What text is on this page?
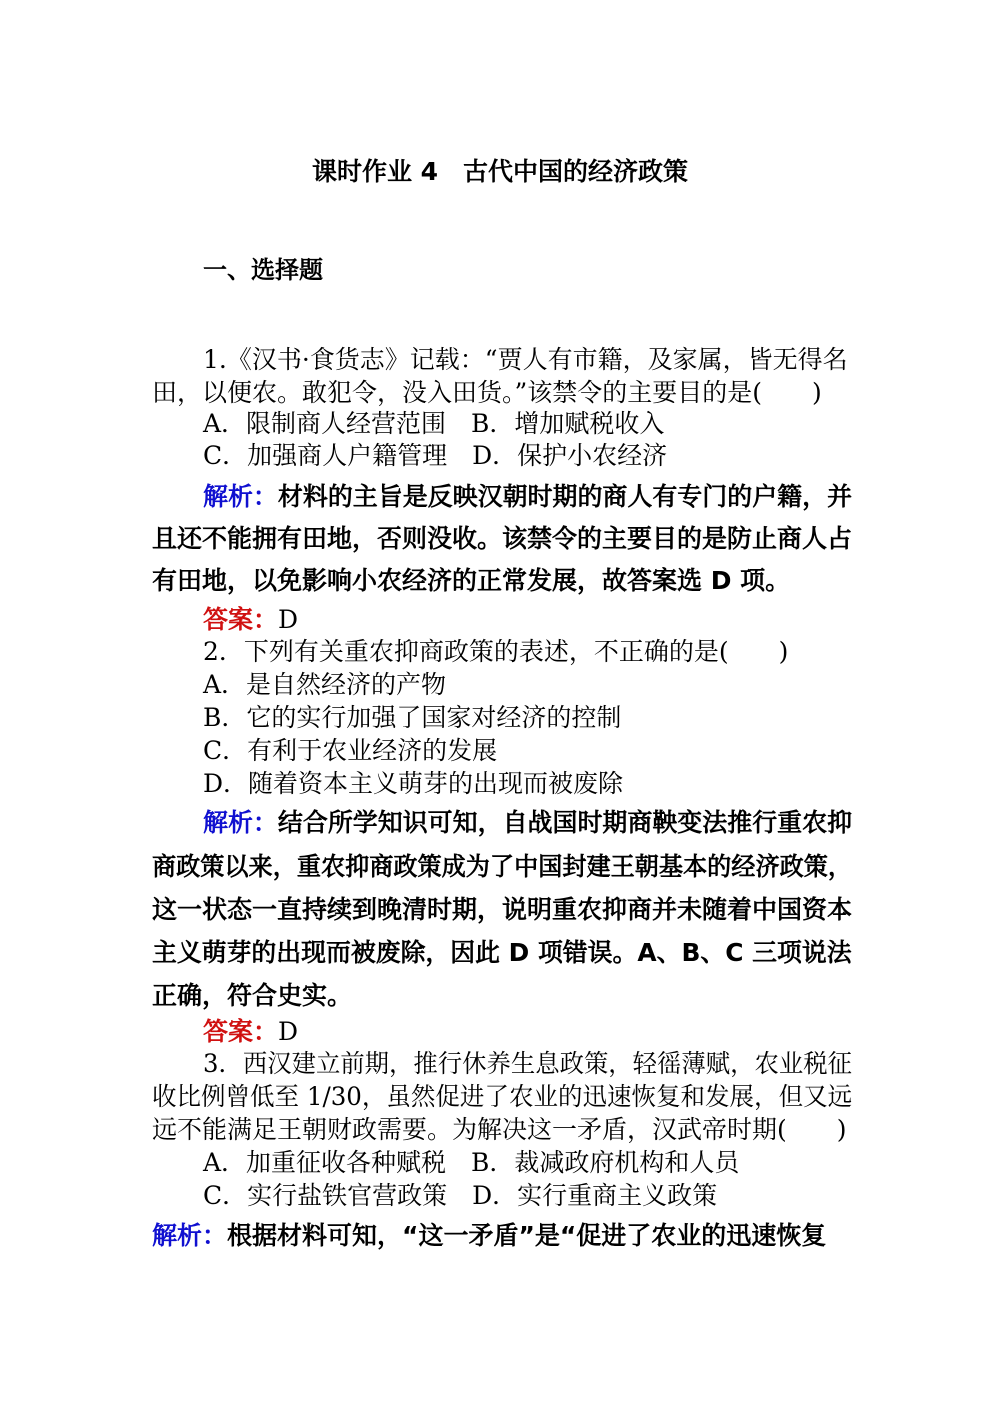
课时作业 4　古代中国的经济政策
一、选择题
1.《汉书·食货志》记载：“贾人有市籍，及家属，皆无得名
田，以便农。敢犯令，没入田货。”该禁令的主要目的是(　　)
A．限制商人经营范围　B．增加赋税收入
C．加强商人户籍管理　D．保护小农经济
解析：材料的主旨是反映汉朝时期的商人有专门的户籍，并
且还不能拥有田地，否则没收。该禁令的主要目的是防止商人占
有田地，以免影响小农经济的正常发展，故答案选 D 项。
答案：D
2．下列有关重农抑商政策的表述，不正确的是(　　)
A．是自然经济的产物
B．它的实行加强了国家对经济的控制
C．有利于农业经济的发展
D．随着资本主义萌芽的出现而被废除
解析：结合所学知识可知，自战国时期商鞅变法推行重农抑
商政策以来，重农抑商政策成为了中国封建王朝基本的经济政策，
这一状态一直持续到晚清时期，说明重农抑商并未随着中国资本
主义萌芽的出现而被废除，因此 D 项错误。A、B、C 三项说法
正确，符合史实。
答案：D
3．西汉建立前期，推行休养生息政策，轻徭薄赋，农业税征
收比例曾低至 1/30，虽然促进了农业的迅速恢复和发展，但又远
远不能满足王朝财政需要。为解决这一矛盾，汉武帝时期(　　)
A．加重征收各种赋税　B．裁减政府机构和人员
C．实行盐铁官营政策　D．实行重商主义政策
解析：根据材料可知，“这一矛盾”是“促进了农业的迅速恢复
